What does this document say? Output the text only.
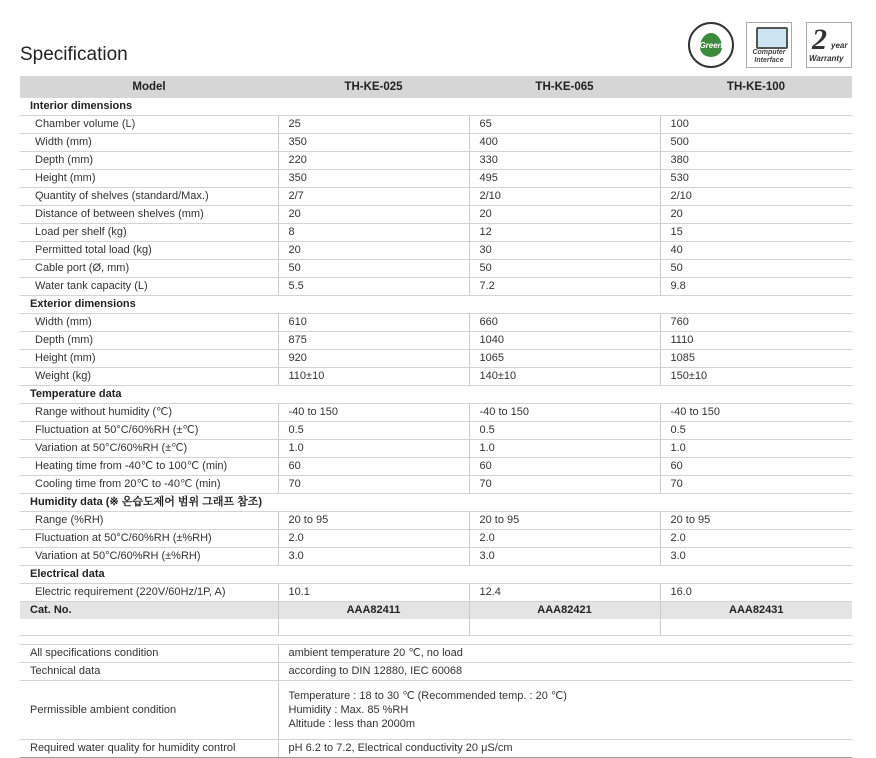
Specification	Green
Computer
Interface
2 year
Warranty
Model	TH-KE-025	TH-KE-065	TH-KE-100
Interior dimensions			
Chamber volume (L)	25	65	100
Width (mm)	350	400	500
Depth (mm)	220	330	380
Height (mm)	350	495	530
Quantity of shelves (standard/Max.)	2/7	2/10	2/10
Distance of between shelves (mm)	20	20	20
Load per shelf (kg)	8	12	15
Permitted total load (kg)	20	30	40
Cable port (Ø, mm)	50	50	50
Water tank capacity (L)	5.5	7.2	9.8
Exterior dimensions			
Width (mm)	610	660	760
Depth (mm)	875	1040	1110
Height (mm)	920	1065	1085
Weight (kg)	110±10	140±10	150±10
Temperature data			
Range without humidity (℃)	-40 to 150	-40 to 150	-40 to 150
Fluctuation at 50°C/60%RH (±℃)	0.5	0.5	0.5
Variation at 50°C/60%RH (±℃)	1.0	1.0	1.0
Heating time from -40℃ to 100℃ (min)	60	60	60
Cooling time from 20℃ to -40℃ (min)	70	70	70
Humidity data (※ 온습도제어 범위 그래프 참조)			
Range (%RH)	20 to 95	20 to 95	20 to 95
Fluctuation at 50°C/60%RH (±%RH)	2.0	2.0	2.0
Variation at 50°C/60%RH (±%RH)	3.0	3.0	3.0
Electrical data			
Electric requirement (220V/60Hz/1P, A)	10.1	12.4	16.0
Cat. No.	AAA82411	AAA82421	AAA82431

All specifications condition	ambient temperature 20 ℃, no load		
Technical data	according to DIN 12880, IEC 60068		
Permissible ambient condition	Temperature : 18 to 30 ℃ (Recommended temp. : 20 ℃)
Humidity : Max. 85 %RH
Altitude : less than 2000m		

Required water quality for humidity control	pH 6.2 to 7.2, Electrical conductivity 20 μS/cm		
